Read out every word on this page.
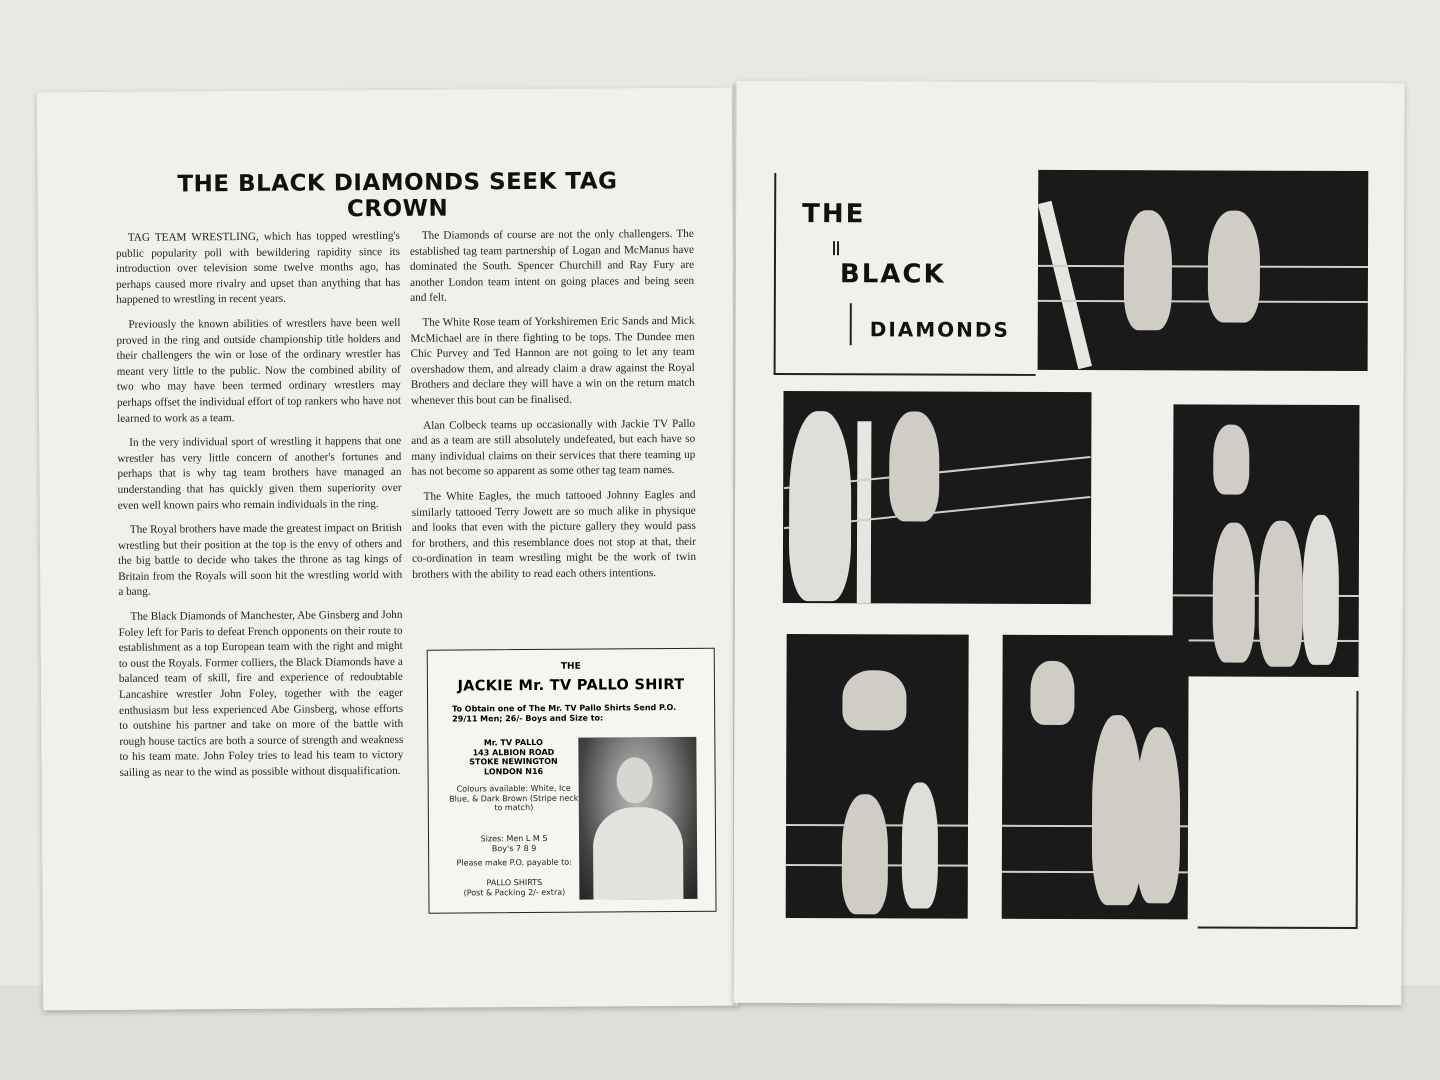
THE BLACK DIAMONDS SEEK TAG CROWN

TAG TEAM WRESTLING, which has topped wrestling's public popularity poll with bewildering rapidity since its introduction over television some twelve months ago, has perhaps caused more rivalry and upset than anything that has happened to wrestling in recent years.

Previously the known abilities of wrestlers have been well proved in the ring and outside championship title holders and their challengers the win or lose of the ordinary wrestler has meant very little to the public. Now the combined ability of two who may have been termed ordinary wrestlers may perhaps offset the individual effort of top rankers who have not learned to work as a team.

In the very individual sport of wrestling it happens that one wrestler has very little concern of another's fortunes and perhaps that is why tag team brothers have managed an understanding that has quickly given them superiority over even well known pairs who remain individuals in the ring.

The Royal brothers have made the greatest impact on British wrestling but their position at the top is the envy of others and the big battle to decide who takes the throne as tag kings of Britain from the Royals will soon hit the wrestling world with a bang.

The Black Diamonds of Manchester, Abe Ginsberg and John Foley left for Paris to defeat French opponents on their route to establishment as a top European team with the right and might to oust the Royals. Former colliers, the Black Diamonds have a balanced team of skill, fire and experience of redoubtable Lancashire wrestler John Foley, together with the eager enthusiasm but less experienced Abe Ginsberg, whose efforts to outshine his partner and take on more of the battle with rough house tactics are both a source of strength and weakness to his team mate. John Foley tries to lead his team to victory sailing as near to the wind as possible without disqualification.

The Diamonds of course are not the only challengers. The established tag team partnership of Logan and McManus have dominated the South. Spencer Churchill and Ray Fury are another London team intent on going places and being seen and felt.

The White Rose team of Yorkshiremen Eric Sands and Mick McMichael are in there fighting to be tops. The Dundee men Chic Purvey and Ted Hannon are not going to let any team overshadow them, and already claim a draw against the Royal Brothers and declare they will have a win on the return match whenever this bout can be finalised.

Alan Colbeck teams up occasionally with Jackie TV Pallo and as a team are still absolutely undefeated, but each have so many individual claims on their services that there teaming up has not become so apparent as some other tag team names.

The White Eagles, the much tattooed Johnny Eagles and similarly tattooed Terry Jowett are so much alike in physique and looks that even with the picture gallery they would pass for brothers, and this resemblance does not stop at that, their co-ordination in team wrestling might be the work of twin brothers with the ability to read each others intentions.

THE
JACKIE Mr. TV PALLO SHIRT
To Obtain one of The Mr. TV Pallo Shirts Send P.O. 29/11 Men; 26/- Boys and Size to:
Mr. TV PALLO
143 ALBION ROAD
STOKE NEWINGTON
LONDON N16
Colours available: White, Ice Blue, & Dark Brown (Stripe neck to match)
Sizes: Men L M S
Boy's 7 8 9
Please make P.O. payable to:
PALLO SHIRTS
(Post & Packing 2/- extra)
THE
BLACK
DIAMONDS
